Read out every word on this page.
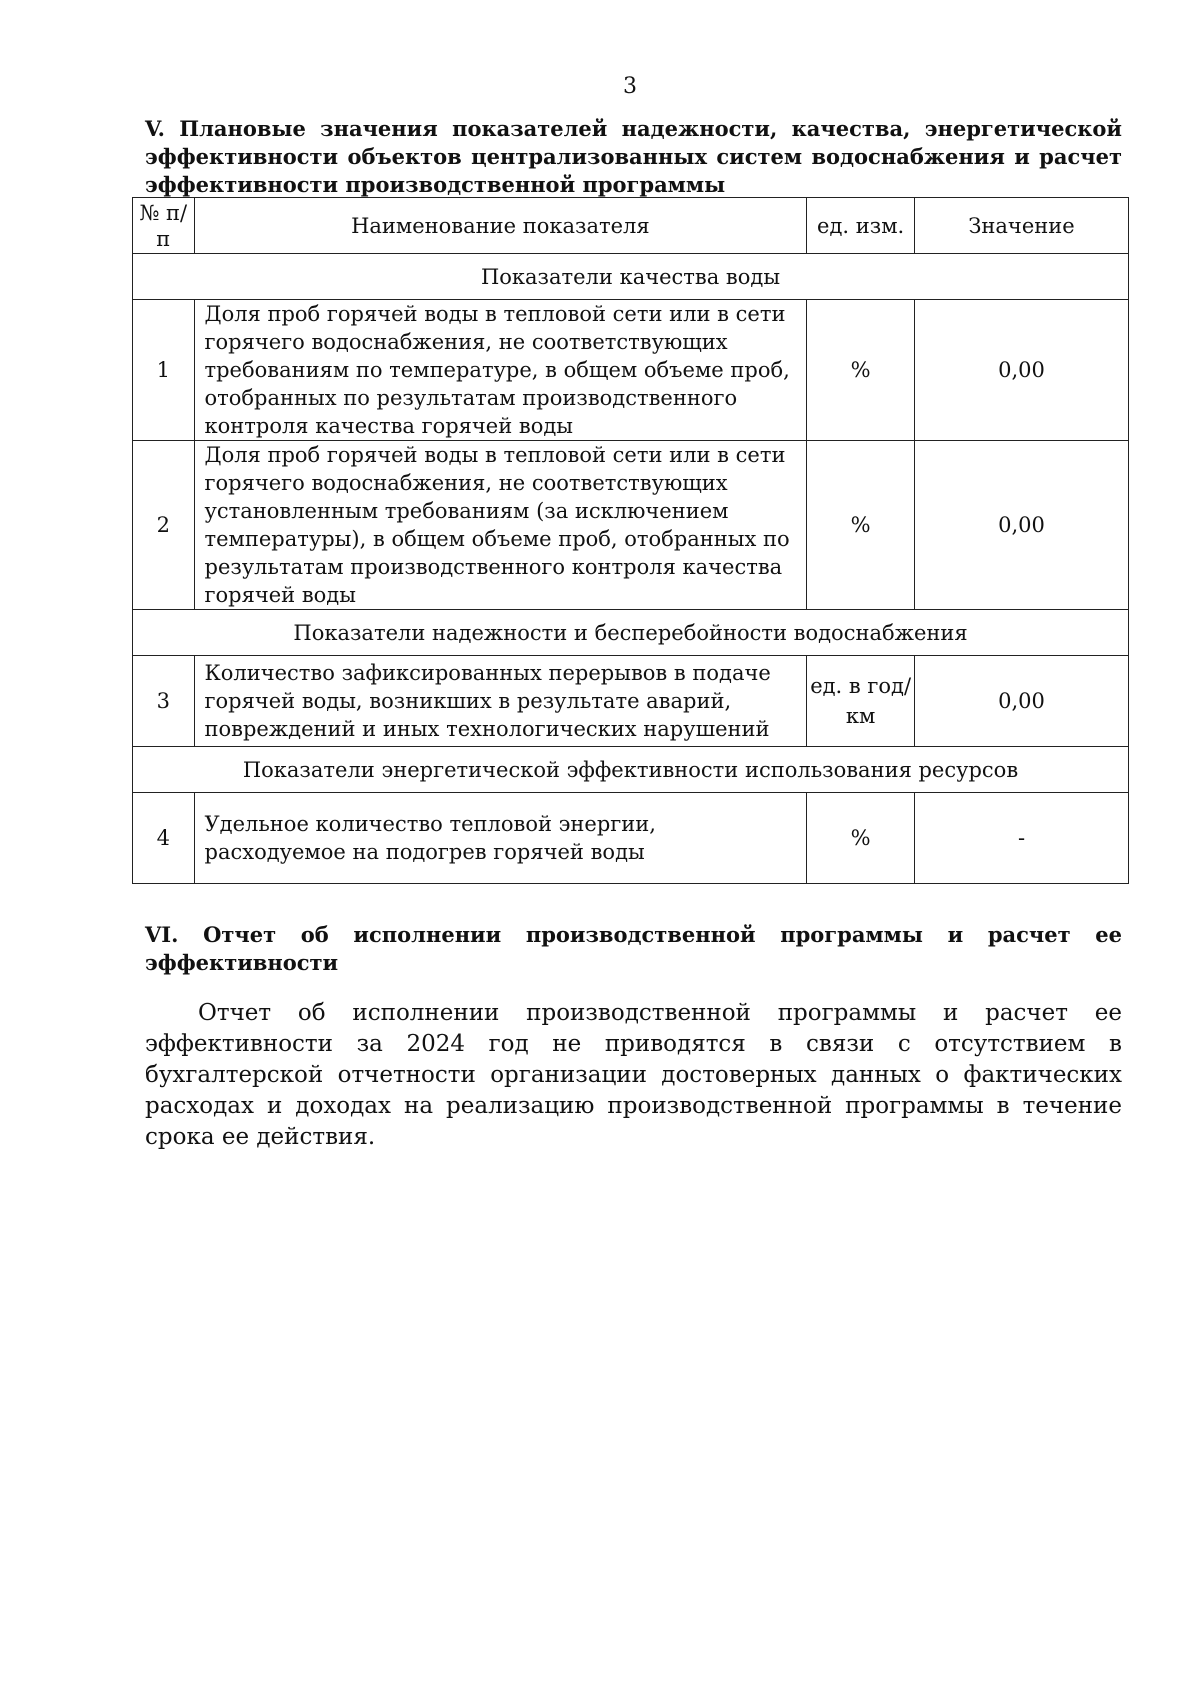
3
V. Плановые значения показателей надежности, качества, энергетической эффективности объектов централизованных систем водоснабжения и расчет эффективности производственной программы
№ п/п	Наименование показателя	ед. изм.	Значение
Показатели качества воды			
1	Доля проб горячей воды в тепловой сети или в сети горячего водоснабжения, не соответствующих требованиям по температуре, в общем объеме проб, отобранных по результатам производственного контроля качества горячей воды	%	0,00
2	Доля проб горячей воды в тепловой сети или в сети горячего водоснабжения, не соответствующих установленным требованиям (за исключением температуры), в общем объеме проб, отобранных по результатам производственного контроля качества горячей воды	%	0,00
Показатели надежности и бесперебойности водоснабжения			
3	Количество зафиксированных перерывов в подаче горячей воды, возникших в результате аварий, повреждений и иных технологических нарушений	ед. в год/ км	0,00
Показатели энергетической эффективности использования ресурсов			
4	Удельное количество тепловой энергии, расходуемое на подогрев горячей воды	%	-
VI. Отчет об исполнении производственной программы и расчет ее эффективности

Отчет об исполнении производственной программы и расчет ее эффективности за 2024 год не приводятся в связи с отсутствием в бухгалтерской отчетности организации достоверных данных о фактических расходах и доходах на реализацию производственной программы в течение срока ее действия.
